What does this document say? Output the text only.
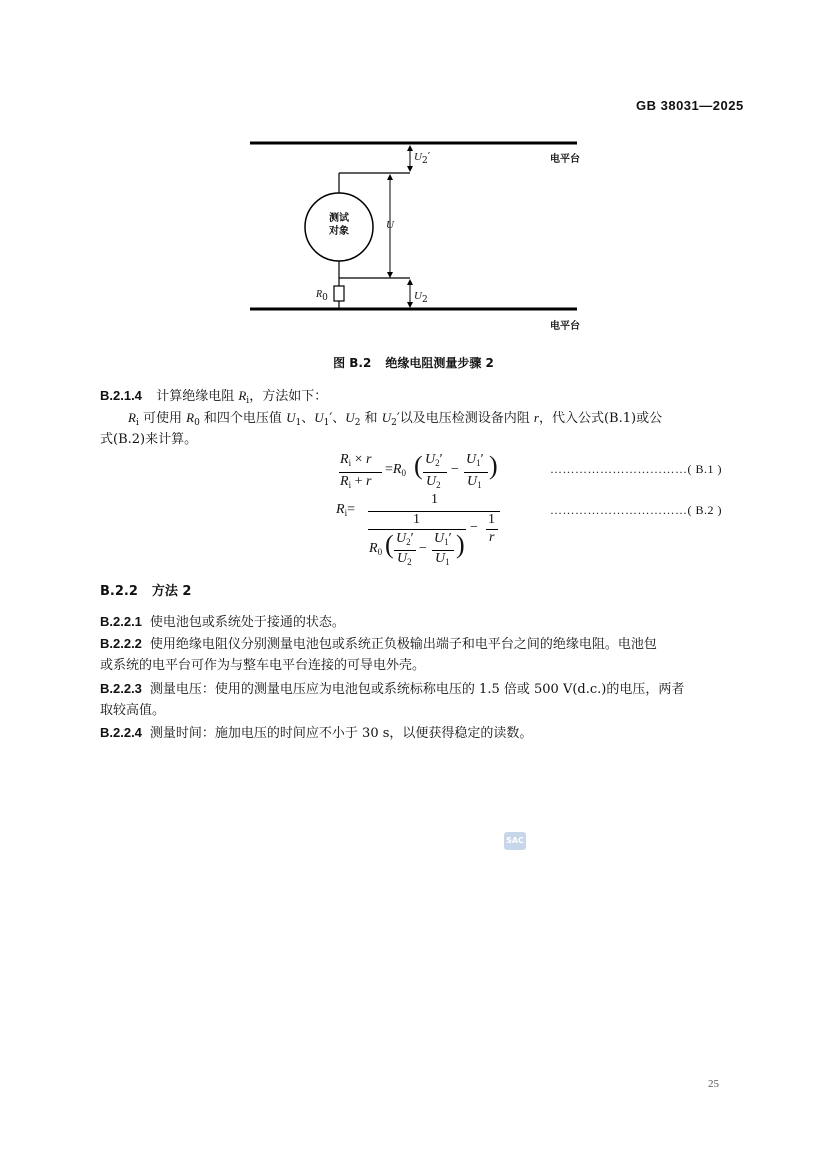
GB 38031—2025
电平台
电平台
测试
对象
U
$U_2'$
$U_2$
R0
图 B.2 绝缘电阻测量步骤 2
B.2.1.4 计算绝缘电阻 $R_i$，方法如下：
$R_i$ 可使用 $R_0$ 和四个电压值 $U_1$、$U_1'$、$U_2$ 和 $U_2'$以及电压检测设备内阻 r，代入公式(B.1)或公
式(B.2)来计算。
$R_i \times r$
$R_i + r$
$=R_0$ ( $U_2'$
$U_2$
−
$U_1'$
$U_1$
)	……………………………( B.1 )
$R_i=$
1
1
$R_0$ ( $U_2'$
$U_2$
−
$U_1'$
$U_1$
)
−
1
r
……………………………( B.2 )
B.2.2 方法 2
B.2.2.1 使电池包或系统处于接通的状态。
B.2.2.2 使用绝缘电阻仪分别测量电池包或系统正负极输出端子和电平台之间的绝缘电阻。电池包
或系统的电平台可作为与整车电平台连接的可导电外壳。
B.2.2.3 测量电压：使用的测量电压应为电池包或系统标称电压的 1.5 倍或 500 V(d.c.)的电压，两者
取较高值。
B.2.2.4 测量时间：施加电压的时间应不小于 30 s，以便获得稳定的读数。
SAC
25
